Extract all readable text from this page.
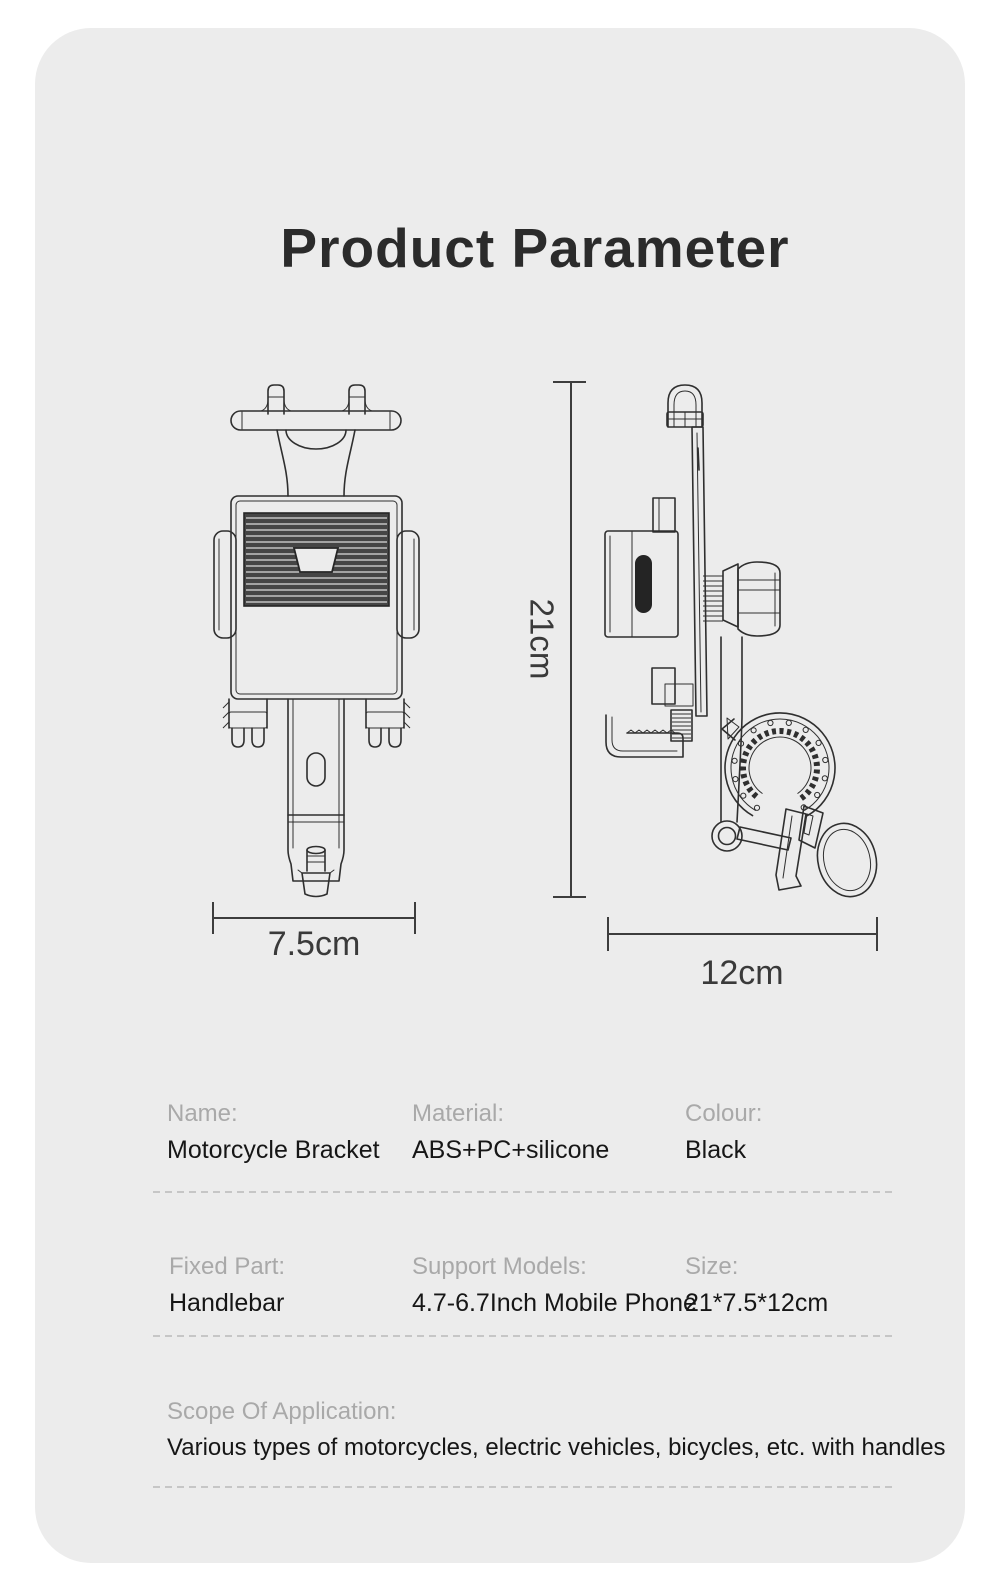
Product Parameter
7.5cm
21cm
12cm
Name:
Motorcycle Bracket
Material:
ABS+PC+silicone
Colour:
Black
Fixed Part:
Handlebar
Support Models:
4.7-6.7Inch Mobile Phone
Size:
21*7.5*12cm
Scope Of Application:
Various types of motorcycles, electric vehicles, bicycles, etc. with handles
